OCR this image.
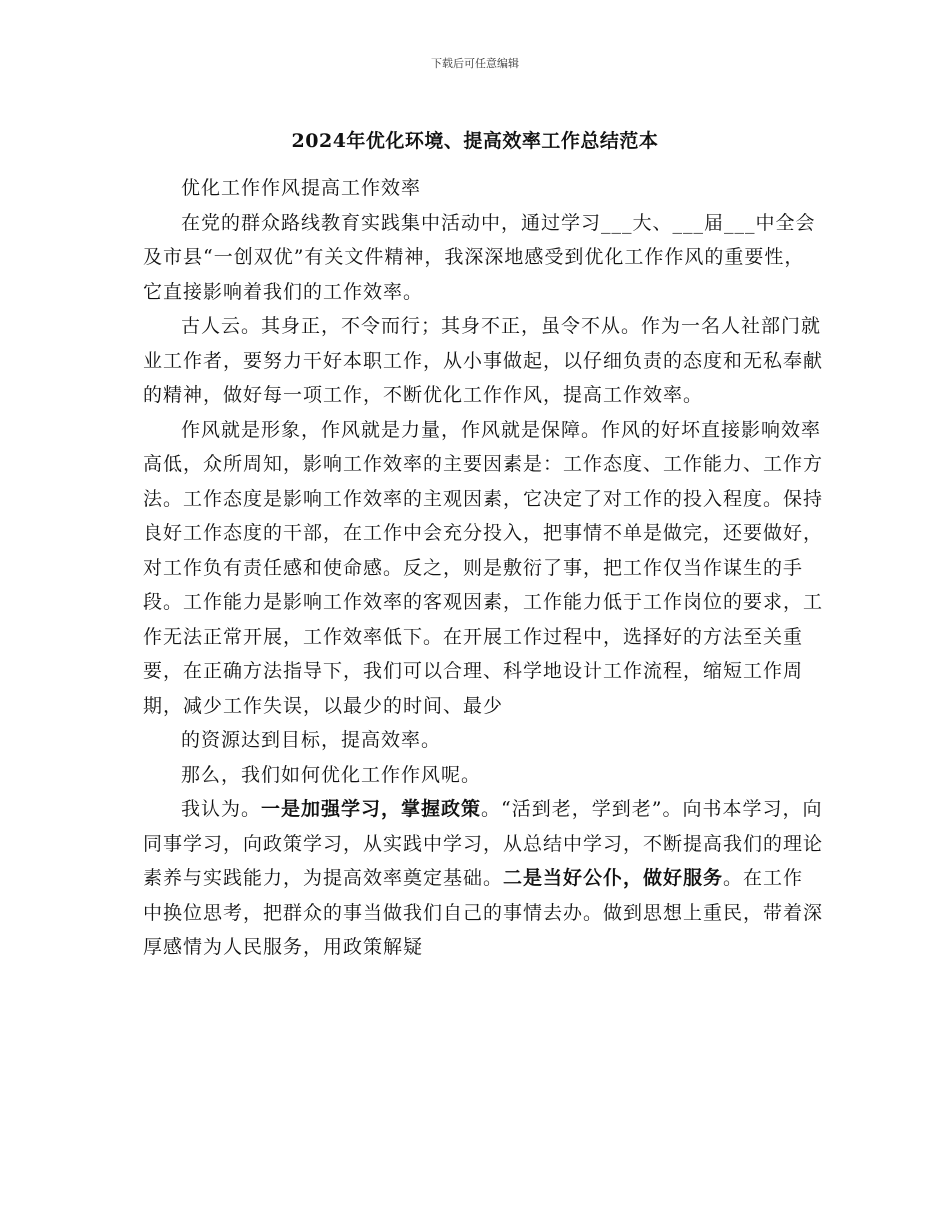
下载后可任意编辑
2024年优化环境、提高效率工作总结范本

优化工作作风提高工作效率

在党的群众路线教育实践集中活动中，通过学习___大、___届___中全会及市县“一创双优”有关文件精神，我深深地感受到优化工作作风的重要性，它直接影响着我们的工作效率。

古人云。其身正，不令而行；其身不正，虽令不从。作为一名人社部门就业工作者，要努力干好本职工作，从小事做起，以仔细负责的态度和无私奉献的精神，做好每一项工作，不断优化工作作风，提高工作效率。

作风就是形象，作风就是力量，作风就是保障。作风的好坏直接影响效率高低，众所周知，影响工作效率的主要因素是：工作态度、工作能力、工作方法。工作态度是影响工作效率的主观因素，它决定了对工作的投入程度。保持良好工作态度的干部，在工作中会充分投入，把事情不单是做完，还要做好，对工作负有责任感和使命感。反之，则是敷衍了事，把工作仅当作谋生的手段。工作能力是影响工作效率的客观因素，工作能力低于工作岗位的要求，工作无法正常开展，工作效率低下。在开展工作过程中，选择好的方法至关重要，在正确方法指导下，我们可以合理、科学地设计工作流程，缩短工作周期，减少工作失误，以最少的时间、最少

的资源达到目标，提高效率。

那么，我们如何优化工作作风呢。

我认为。一是加强学习，掌握政策。“活到老，学到老”。向书本学习，向同事学习，向政策学习，从实践中学习，从总结中学习，不断提高我们的理论素养与实践能力，为提高效率奠定基础。二是当好公仆，做好服务。在工作中换位思考，把群众的事当做我们自己的事情去办。做到思想上重民，带着深厚感情为人民服务，用政策解疑
